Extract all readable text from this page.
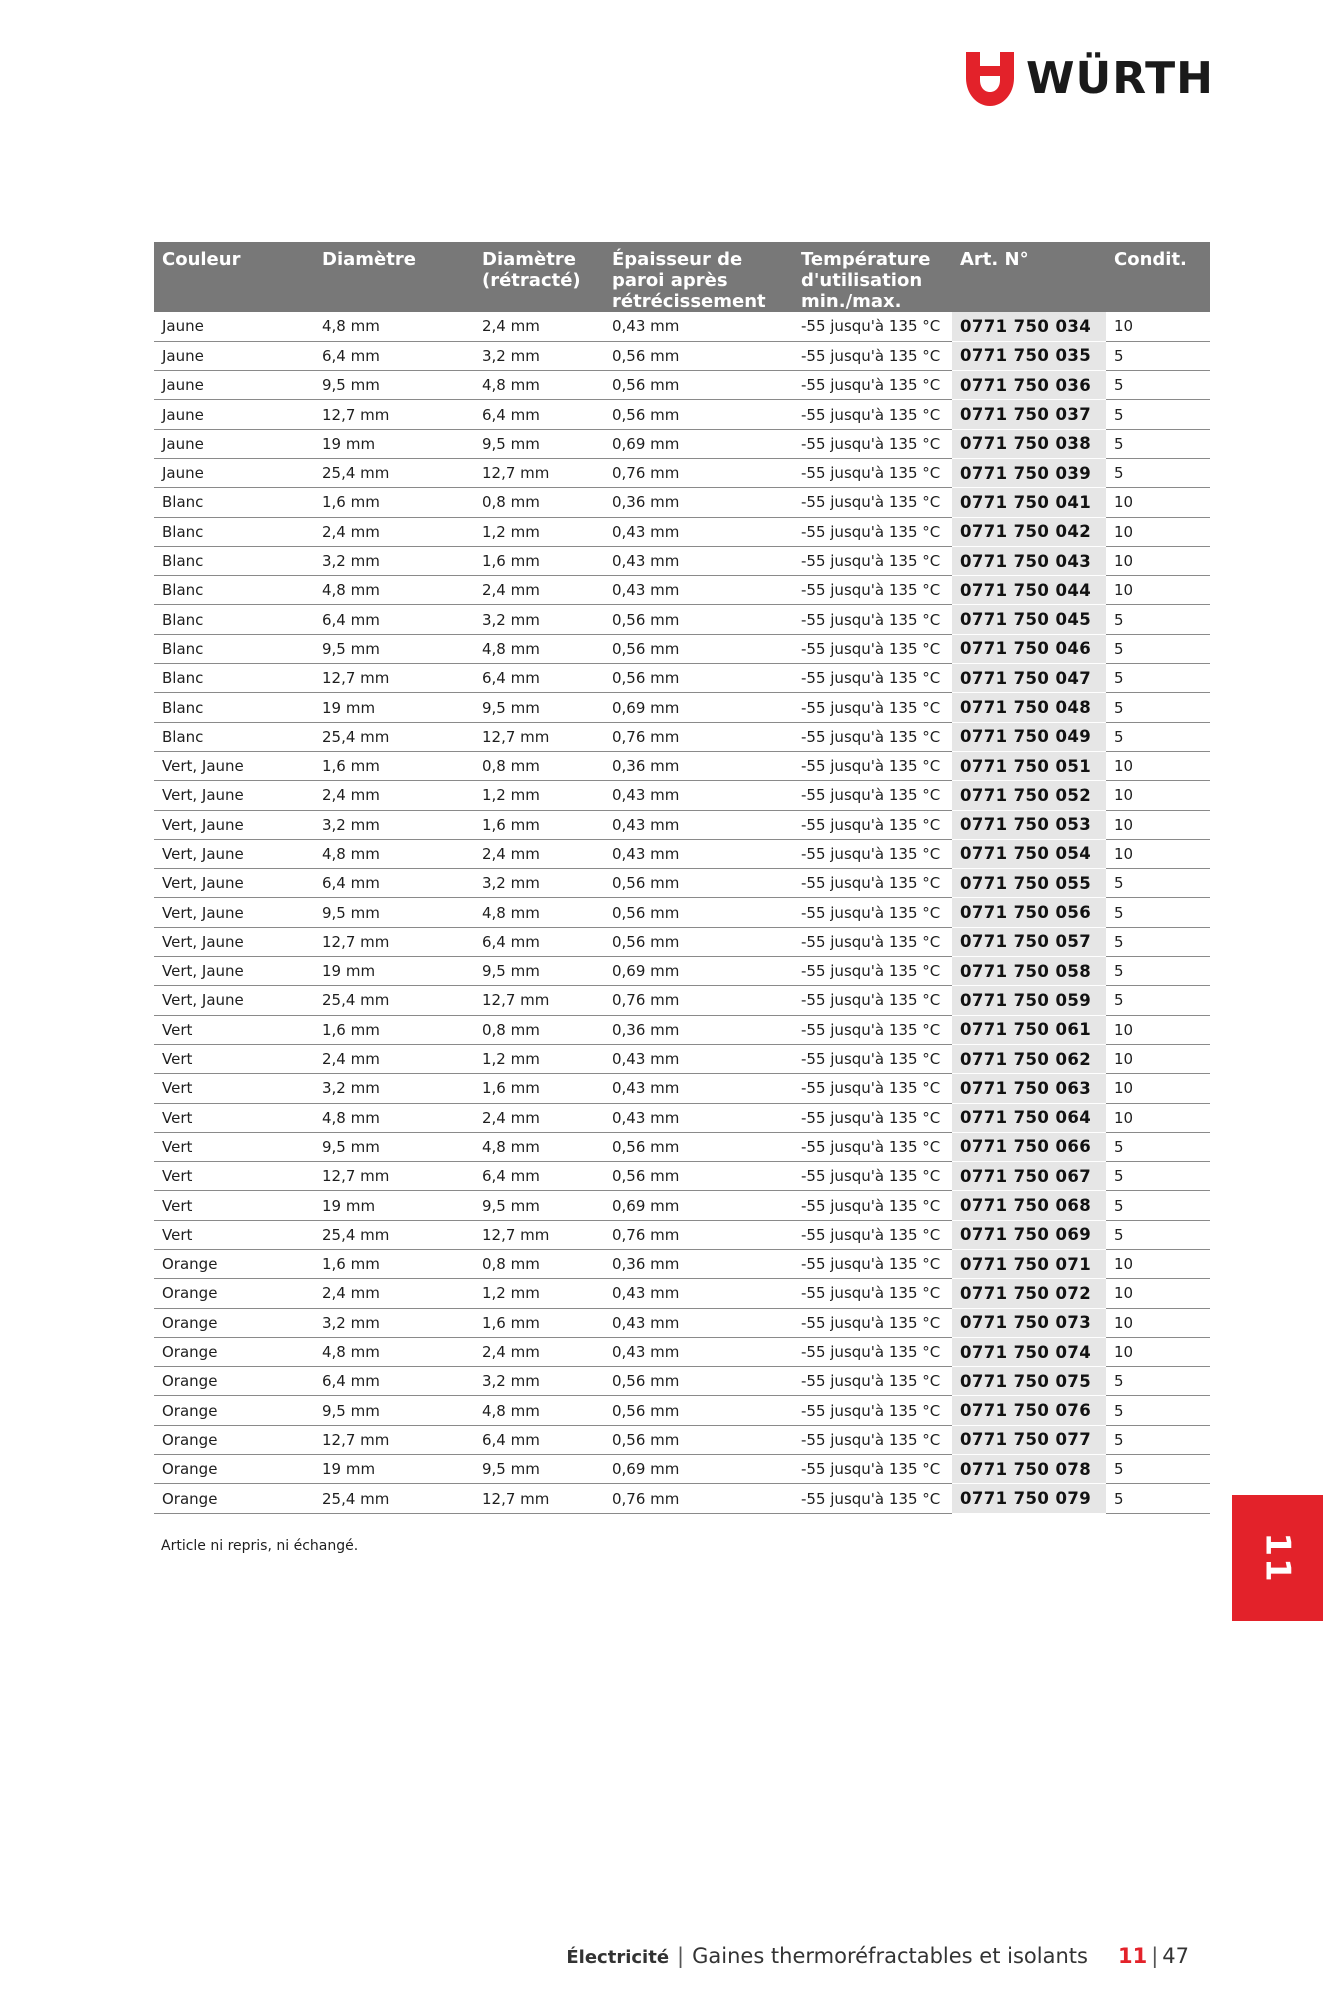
WÜRTH
Couleur	Diamètre	Diamètre (rétracté)	Épaisseur de paroi après rétrécissement	Température d'utilisation min./max.	Art. N°	Condit.
Jaune	4,8 mm	2,4 mm	0,43 mm	-55 jusqu'à 135 °C	0771 750 034	10
Jaune	6,4 mm	3,2 mm	0,56 mm	-55 jusqu'à 135 °C	0771 750 035	5
Jaune	9,5 mm	4,8 mm	0,56 mm	-55 jusqu'à 135 °C	0771 750 036	5
Jaune	12,7 mm	6,4 mm	0,56 mm	-55 jusqu'à 135 °C	0771 750 037	5
Jaune	19 mm	9,5 mm	0,69 mm	-55 jusqu'à 135 °C	0771 750 038	5
Jaune	25,4 mm	12,7 mm	0,76 mm	-55 jusqu'à 135 °C	0771 750 039	5
Blanc	1,6 mm	0,8 mm	0,36 mm	-55 jusqu'à 135 °C	0771 750 041	10
Blanc	2,4 mm	1,2 mm	0,43 mm	-55 jusqu'à 135 °C	0771 750 042	10
Blanc	3,2 mm	1,6 mm	0,43 mm	-55 jusqu'à 135 °C	0771 750 043	10
Blanc	4,8 mm	2,4 mm	0,43 mm	-55 jusqu'à 135 °C	0771 750 044	10
Blanc	6,4 mm	3,2 mm	0,56 mm	-55 jusqu'à 135 °C	0771 750 045	5
Blanc	9,5 mm	4,8 mm	0,56 mm	-55 jusqu'à 135 °C	0771 750 046	5
Blanc	12,7 mm	6,4 mm	0,56 mm	-55 jusqu'à 135 °C	0771 750 047	5
Blanc	19 mm	9,5 mm	0,69 mm	-55 jusqu'à 135 °C	0771 750 048	5
Blanc	25,4 mm	12,7 mm	0,76 mm	-55 jusqu'à 135 °C	0771 750 049	5
Vert, Jaune	1,6 mm	0,8 mm	0,36 mm	-55 jusqu'à 135 °C	0771 750 051	10
Vert, Jaune	2,4 mm	1,2 mm	0,43 mm	-55 jusqu'à 135 °C	0771 750 052	10
Vert, Jaune	3,2 mm	1,6 mm	0,43 mm	-55 jusqu'à 135 °C	0771 750 053	10
Vert, Jaune	4,8 mm	2,4 mm	0,43 mm	-55 jusqu'à 135 °C	0771 750 054	10
Vert, Jaune	6,4 mm	3,2 mm	0,56 mm	-55 jusqu'à 135 °C	0771 750 055	5
Vert, Jaune	9,5 mm	4,8 mm	0,56 mm	-55 jusqu'à 135 °C	0771 750 056	5
Vert, Jaune	12,7 mm	6,4 mm	0,56 mm	-55 jusqu'à 135 °C	0771 750 057	5
Vert, Jaune	19 mm	9,5 mm	0,69 mm	-55 jusqu'à 135 °C	0771 750 058	5
Vert, Jaune	25,4 mm	12,7 mm	0,76 mm	-55 jusqu'à 135 °C	0771 750 059	5
Vert	1,6 mm	0,8 mm	0,36 mm	-55 jusqu'à 135 °C	0771 750 061	10
Vert	2,4 mm	1,2 mm	0,43 mm	-55 jusqu'à 135 °C	0771 750 062	10
Vert	3,2 mm	1,6 mm	0,43 mm	-55 jusqu'à 135 °C	0771 750 063	10
Vert	4,8 mm	2,4 mm	0,43 mm	-55 jusqu'à 135 °C	0771 750 064	10
Vert	9,5 mm	4,8 mm	0,56 mm	-55 jusqu'à 135 °C	0771 750 066	5
Vert	12,7 mm	6,4 mm	0,56 mm	-55 jusqu'à 135 °C	0771 750 067	5
Vert	19 mm	9,5 mm	0,69 mm	-55 jusqu'à 135 °C	0771 750 068	5
Vert	25,4 mm	12,7 mm	0,76 mm	-55 jusqu'à 135 °C	0771 750 069	5
Orange	1,6 mm	0,8 mm	0,36 mm	-55 jusqu'à 135 °C	0771 750 071	10
Orange	2,4 mm	1,2 mm	0,43 mm	-55 jusqu'à 135 °C	0771 750 072	10
Orange	3,2 mm	1,6 mm	0,43 mm	-55 jusqu'à 135 °C	0771 750 073	10
Orange	4,8 mm	2,4 mm	0,43 mm	-55 jusqu'à 135 °C	0771 750 074	10
Orange	6,4 mm	3,2 mm	0,56 mm	-55 jusqu'à 135 °C	0771 750 075	5
Orange	9,5 mm	4,8 mm	0,56 mm	-55 jusqu'à 135 °C	0771 750 076	5
Orange	12,7 mm	6,4 mm	0,56 mm	-55 jusqu'à 135 °C	0771 750 077	5
Orange	19 mm	9,5 mm	0,69 mm	-55 jusqu'à 135 °C	0771 750 078	5
Orange	25,4 mm	12,7 mm	0,76 mm	-55 jusqu'à 135 °C	0771 750 079	5
Article ni repris, ni échangé.	11
Électricité | Gaines thermoréfractables et isolants 11 | 47
